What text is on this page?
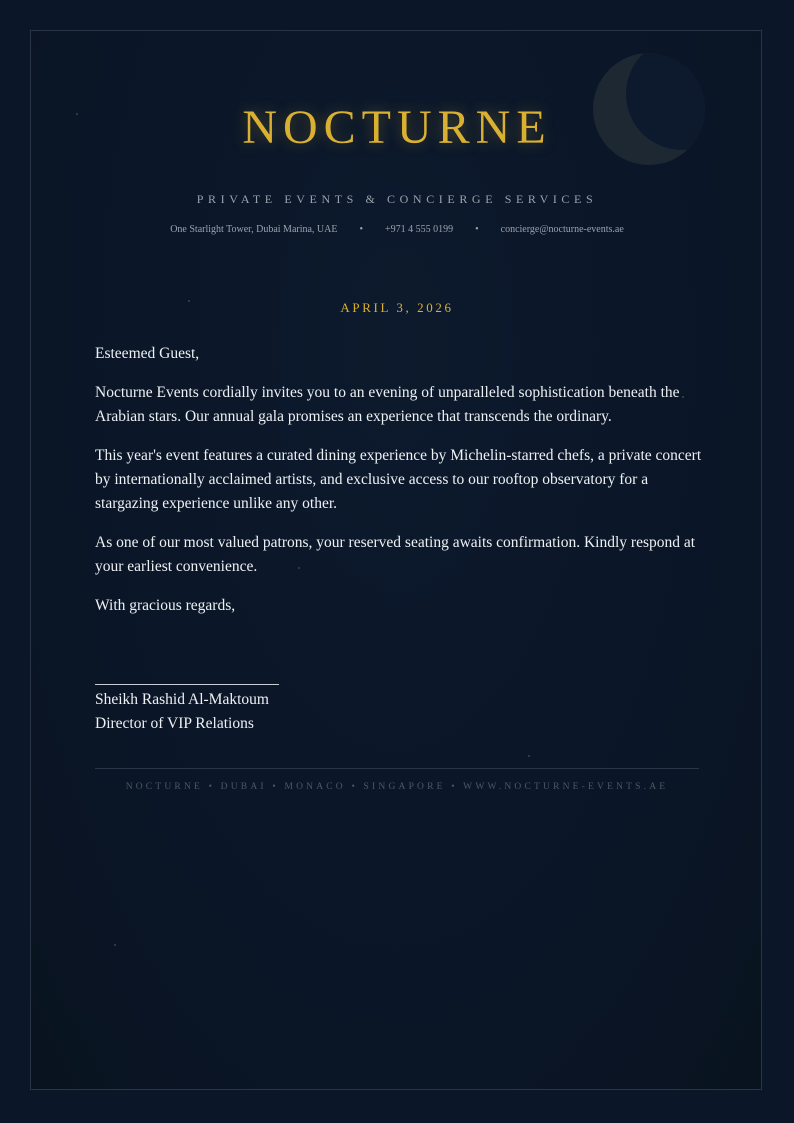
NOCTURNE
PRIVATE EVENTS & CONCIERGE SERVICES
One Starlight Tower, Dubai Marina, UAE • +971 4 555 0199 • concierge@nocturne-events.ae
APRIL 3, 2026

Esteemed Guest,

Nocturne Events cordially invites you to an evening of unparalleled sophistication beneath the Arabian stars. Our annual gala promises an experience that transcends the ordinary.

This year's event features a curated dining experience by Michelin-starred chefs, a private concert by internationally acclaimed artists, and exclusive access to our rooftop observatory for a stargazing experience unlike any other.

As one of our most valued patrons, your reserved seating awaits confirmation. Kindly respond at your earliest convenience.

With gracious regards,

Sheikh Rashid Al-Maktoum
Director of VIP Relations
NOCTURNE • DUBAI • MONACO • SINGAPORE • WWW.NOCTURNE-EVENTS.AE
